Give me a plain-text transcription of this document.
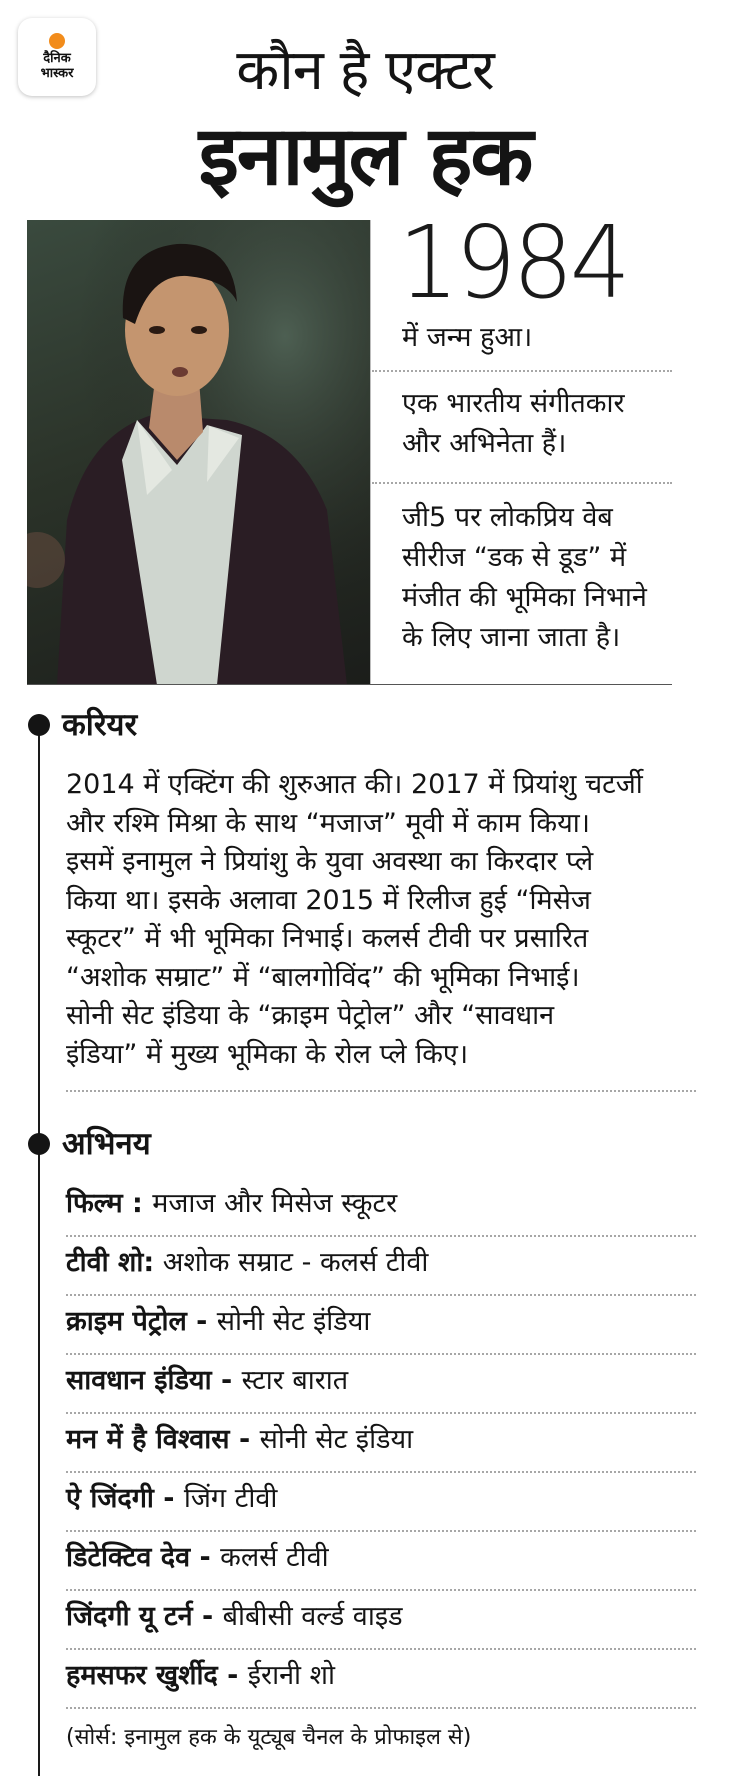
दैनिक
भास्कर	कौन है एक्टर
इनामुल हक
1984
में जन्म हुआ।
एक भारतीय संगीतकार
और अभिनेता हैं।
जी5 पर लोकप्रिय वेब
सीरीज “डक से डूड” में
मंजीत की भूमिका निभाने
के लिए जाना जाता है।
करियर
2014 में एक्टिंग की शुरुआत की। 2017 में प्रियांशु चटर्जी
और रश्मि मिश्रा के साथ “मजाज” मूवी में काम किया।
इसमें इनामुल ने प्रियांशु के युवा अवस्था का किरदार प्ले
किया था। इसके अलावा 2015 में रिलीज हुई “मिसेज
स्कूटर” में भी भूमिका निभाई। कलर्स टीवी पर प्रसारित
“अशोक सम्राट” में “बालगोविंद” की भूमिका निभाई।
सोनी सेट इंडिया के “क्राइम पेट्रोल” और “सावधान
इंडिया” में मुख्य भूमिका के रोल प्ले किए।
अभिनय
फिल्म : मजाज और मिसेज स्कूटर
टीवी शो: अशोक सम्राट - कलर्स टीवी
क्राइम पेट्रोल - सोनी सेट इंडिया
सावधान इंडिया - स्टार बारात
मन में है विश्वास - सोनी सेट इंडिया
ऐ जिंदगी - जिंग टीवी
डिटेक्टिव देव - कलर्स टीवी
जिंदगी यू टर्न - बीबीसी वर्ल्ड वाइड
हमसफर खुर्शीद - ईरानी शो
(सोर्स: इनामुल हक के यूट्यूब चैनल के प्रोफाइल से)
